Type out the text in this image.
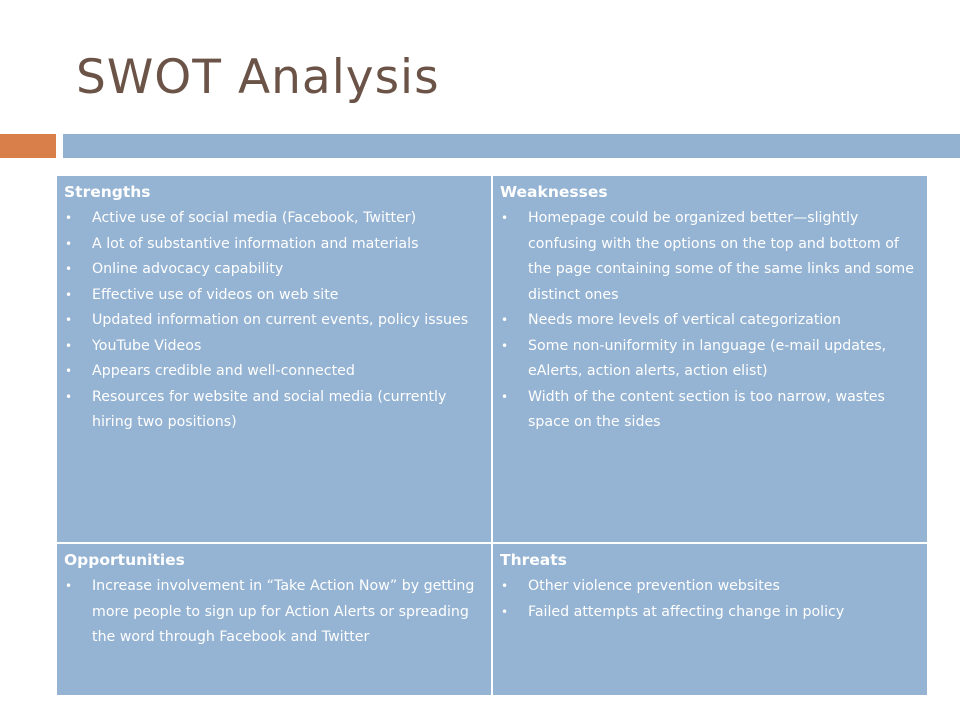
SWOT Analysis
Strengths
• Active use of social media (Facebook, Twitter)
• A lot of substantive information and materials
• Online advocacy capability
• Effective use of videos on web site
• Updated information on current events, policy issues
• YouTube Videos
• Appears credible and well-connected
• Resources for website and social media (currently hiring two positions)
Weaknesses
• Homepage could be organized better—slightly confusing with the options on the top and bottom of the page containing some of the same links and some distinct ones
• Needs more levels of vertical categorization
• Some non-uniformity in language (e-mail updates, eAlerts, action alerts, action elist)
• Width of the content section is too narrow, wastes space on the sides
Opportunities
• Increase involvement in “Take Action Now” by getting more people to sign up for Action Alerts or spreading the word through Facebook and Twitter
Threats
• Other violence prevention websites
• Failed attempts at affecting change in policy
